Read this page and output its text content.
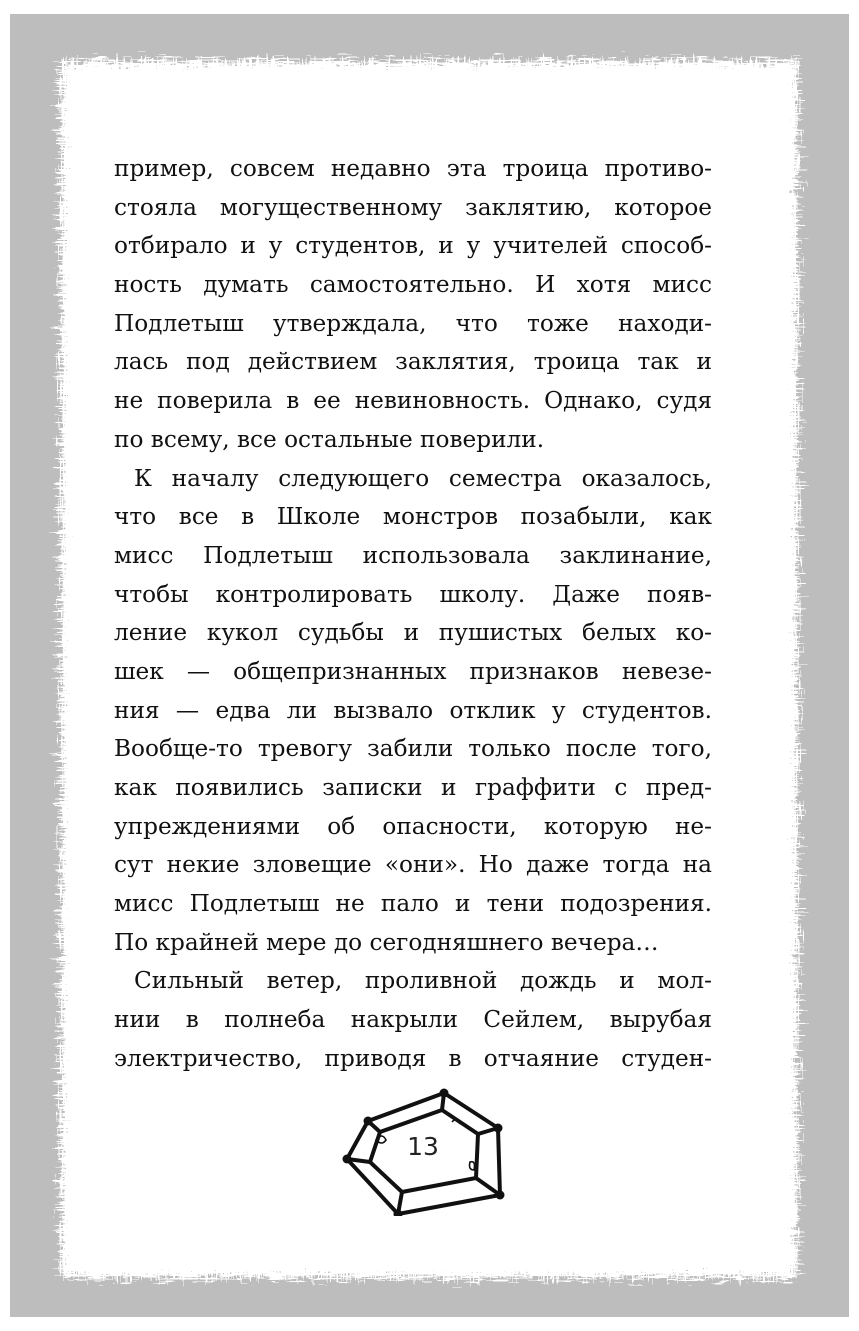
пример, совсем недавно эта троица противо-
стояла могущественному заклятию, которое
отбирало и у студентов, и у учителей способ-
ность думать самостоятельно. И хотя мисс
Подлетыш утверждала, что тоже находи-
лась под действием заклятия, троица так и
не поверила в ее невиновность. Однако, судя
по всему, все остальные поверили.
К началу следующего семестра оказалось,
что все в Школе монстров позабыли, как
мисс Подлетыш использовала заклинание,
чтобы контролировать школу. Даже появ-
ление кукол судьбы и пушистых белых ко-
шек — общепризнанных признаков невезе-
ния — едва ли вызвало отклик у студентов.
Вообще-то тревогу забили только после того,
как появились записки и граффити с пред-
упреждениями об опасности, которую не-
сут некие зловещие «они». Но даже тогда на
мисс Подлетыш не пало и тени подозрения.
По крайней мере до сегодняшнего вечера…
Сильный ветер, проливной дождь и мол-
нии в полнеба накрыли Сейлем, вырубая
электричество, приводя в отчаяние студен-
13
